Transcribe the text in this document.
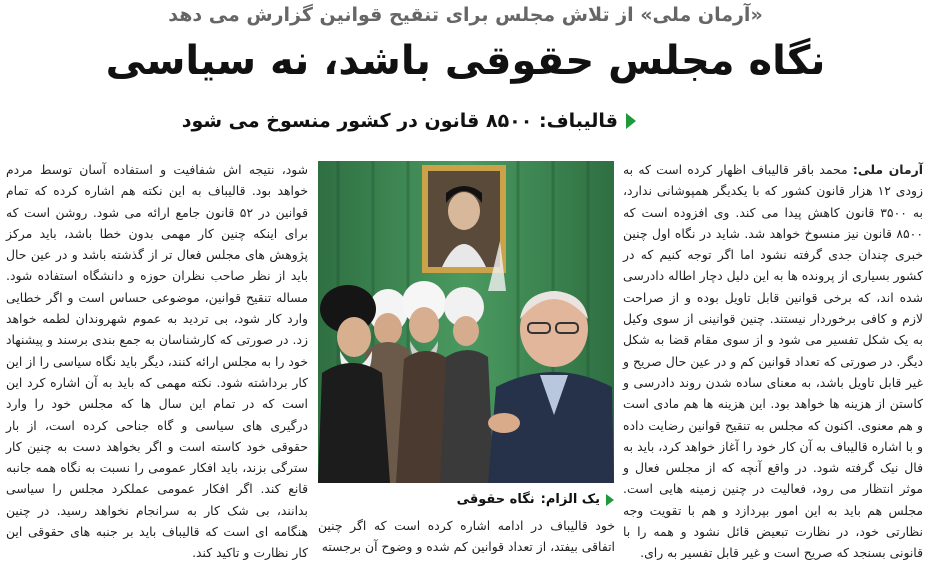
«آرمان ملی» از تلاش مجلس برای تنقیح قوانین گزارش می دهد
نگاه مجلس حقوقی باشد، نه سیاسی
قالیباف: ۸۵۰۰ قانون در کشور منسوخ می شود
آرمان ملی: محمد باقر قالیباف اظهار کرده است که به زودی ۱۲ هزار قانون کشور که با یکدیگر همپوشانی ندارد، به ۳۵۰۰ قانون کاهش پیدا می کند. وی افزوده است که ۸۵۰۰ قانون نیز منسوخ خواهد شد. شاید در نگاه اول چنین خبری چندان جدی گرفته نشود اما اگر توجه کنیم که در کشور بسیاری از پرونده ها به این دلیل دچار اطاله دادرسی شده اند، که برخی قوانین قابل تاویل بوده و از صراحت لازم و کافی برخوردار نیستند. چنین قوانینی از سوی وکیل به یک شکل تفسیر می شود و از سوی مقام قضا به شکل دیگر. در صورتی که تعداد قوانین کم و در عین حال صریح و غیر قابل تاویل باشد، به معنای ساده شدن روند دادرسی و کاستن از هزینه ها خواهد بود. این هزینه ها هم مادی است و هم معنوی. اکنون که مجلس به تنقیح قوانین رضایت داده و با اشاره قالیباف به آن کار خود را آغاز خواهد کرد، باید به فال نیک گرفته شود. در واقع آنچه که از مجلس فعال و موثر انتظار می رود، فعالیت در چنین زمینه هایی است. مجلس هم باید به این امور بپردازد و هم با تقویت وجه نظارتی خود، در نظارت تبعیض قائل نشود و همه را با قانونی بسنجد که صریح است و غیر قابل تفسیر به رای.
یک الزام:
نگاه حقوقی
خود قالیباف در ادامه اشاره کرده است که اگر چنین اتفاقی بیفتد، از تعداد قوانین کم شده و وضوح آن برجسته
شود، نتیجه اش شفافیت و استفاده آسان توسط مردم خواهد بود. قالیباف به این نکته هم اشاره کرده که تمام قوانین در ۵۲ قانون جامع ارائه می شود. روشن است که برای اینکه چنین کار مهمی بدون خطا باشد، باید مرکز پژوهش های مجلس فعال تر از گذشته باشد و در عین حال باید از نظر صاحب نظران حوزه و دانشگاه استفاده شود. مساله تنقیح قوانین، موضوعی حساس است و اگر خطایی وارد کار شود، بی تردید به عموم شهروندان لطمه خواهد زد. در صورتی که کارشناسان به جمع بندی برسند و پیشنهاد خود را به مجلس ارائه کنند، دیگر باید نگاه سیاسی را از این کار برداشته شود. نکته مهمی که باید به آن اشاره کرد این است که در تمام این سال ها که مجلس خود را وارد درگیری های سیاسی و گاه جناحی کرده است، از بار حقوقی خود کاسته است و اگر بخواهد دست به چنین کار سترگی بزند، باید افکار عمومی را نسبت به نگاه همه جانبه قانع کند. اگر افکار عمومی عملکرد مجلس را سیاسی بدانند، بی شک کار به سرانجام نخواهد رسید. در چنین هنگامه ای است که قالیباف باید بر جنبه های حقوقی این کار نظارت و تاکید کند.
